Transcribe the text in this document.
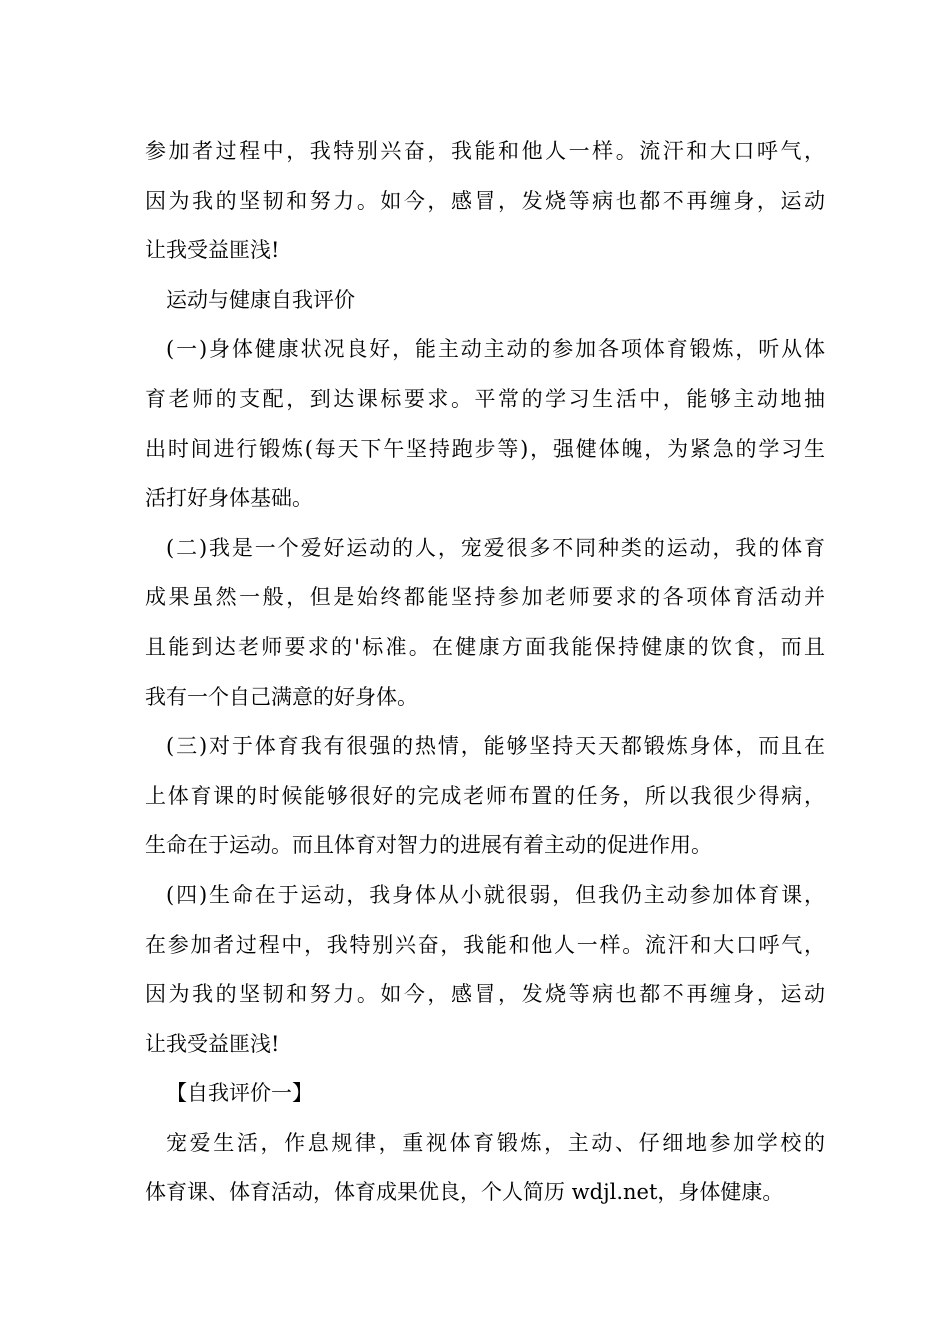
参加者过程中，我特别兴奋，我能和他人一样。流汗和大口呼气，
因为我的坚韧和努力。如今，感冒，发烧等病也都不再缠身，运动
让我受益匪浅!
运动与健康自我评价
(一)身体健康状况良好，能主动主动的参加各项体育锻炼，听从体
育老师的支配，到达课标要求。平常的学习生活中，能够主动地抽
出时间进行锻炼(每天下午坚持跑步等)，强健体魄，为紧急的学习生
活打好身体基础。
(二)我是一个爱好运动的人，宠爱很多不同种类的运动，我的体育
成果虽然一般，但是始终都能坚持参加老师要求的各项体育活动并
且能到达老师要求的'标准。在健康方面我能保持健康的饮食，而且
我有一个自己满意的好身体。
(三)对于体育我有很强的热情，能够坚持天天都锻炼身体，而且在
上体育课的时候能够很好的完成老师布置的任务，所以我很少得病，
生命在于运动。而且体育对智力的进展有着主动的促进作用。
(四)生命在于运动，我身体从小就很弱，但我仍主动参加体育课，
在参加者过程中，我特别兴奋，我能和他人一样。流汗和大口呼气，
因为我的坚韧和努力。如今，感冒，发烧等病也都不再缠身，运动
让我受益匪浅!
【自我评价一】
宠爱生活，作息规律，重视体育锻炼，主动、仔细地参加学校的
体育课、体育活动，体育成果优良，个人简历 wdjl.net，身体健康。
